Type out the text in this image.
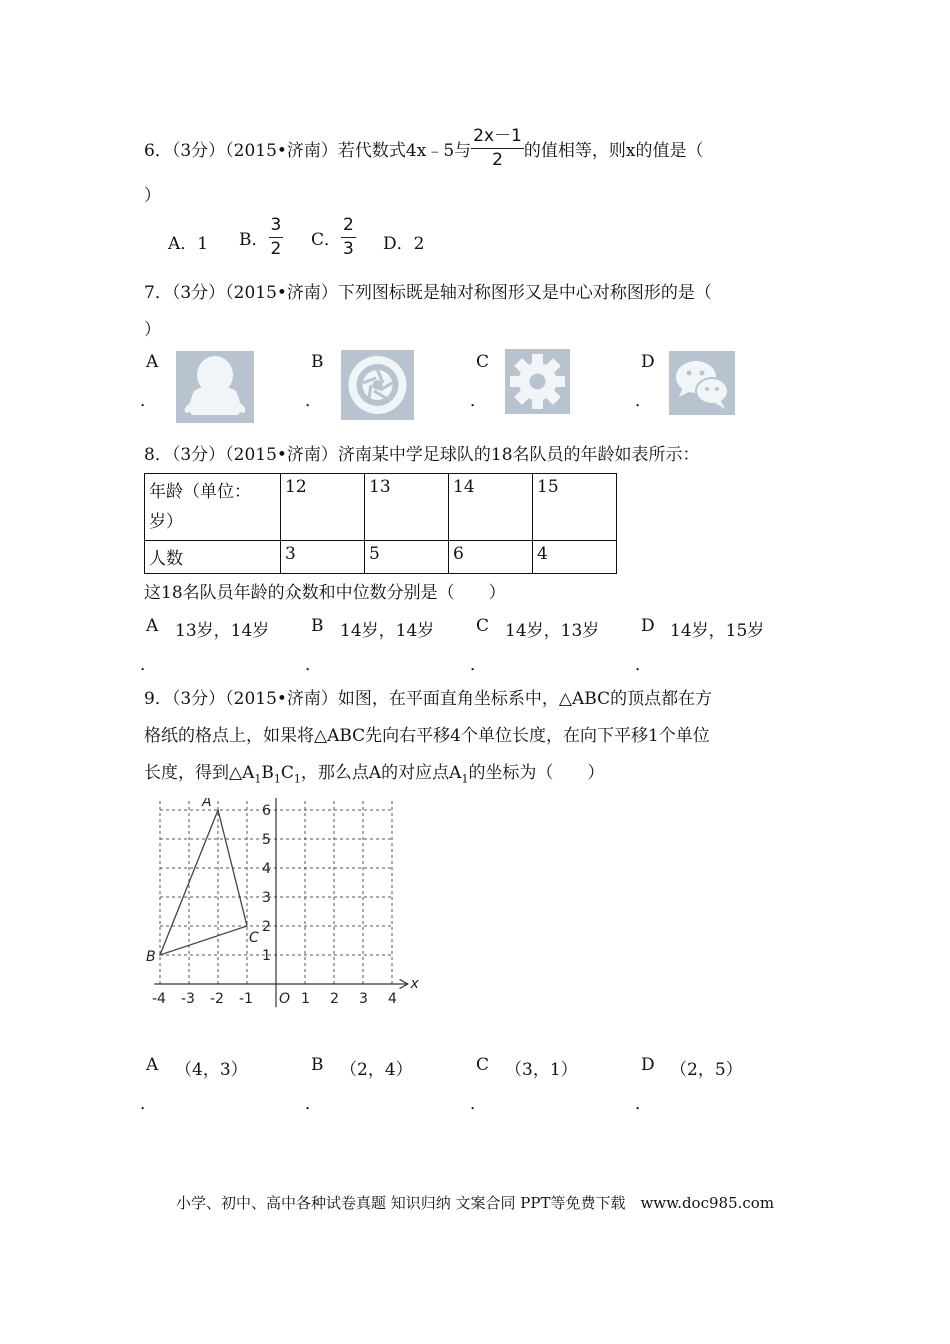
6．（3分）（2015•济南）若代数式4x﹣5与 $\frac{2x-1}{2}$ 的值相等，则x的值是（
）
A．1 B． $\frac{3}{2}$ C． $\frac{2}{3}$ D．2
7．（3分）（2015•济南）下列图标既是轴对称图形又是中心对称图形的是（
）
A
．
B
．
C
．
D
．
8．（3分）（2015•济南）济南某中学足球队的18名队员的年龄如表所示：
年龄（单位：
岁）	12	13	14	15
人数	3	5	6	4
这18名队员年龄的众数和中位数分别是（　　）
A 13岁，14岁
．
B 14岁，14岁
．
C 14岁，13岁
．
D 14岁，15岁
．
9．（3分）（2015•济南）如图，在平面直角坐标系中，△ABC的顶点都在方
格纸的格点上，如果将△ABC先向右平移4个单位长度，在向下平移1个单位
长度，得到$\triangle A_1B_1C_1$，那么点A的对应点$A_1$的坐标为（　　）
-4 -3 -2 -1 O 1 2 3 4
1
2
3
4
5
6
x
A
B
C
A （4，3）
．
B （2，4）
．
C （3，1）
．
D （2，5）
．
小学、初中、高中各种试卷真题 知识归纳 文案合同 PPT等免费下载　www.doc985.com
